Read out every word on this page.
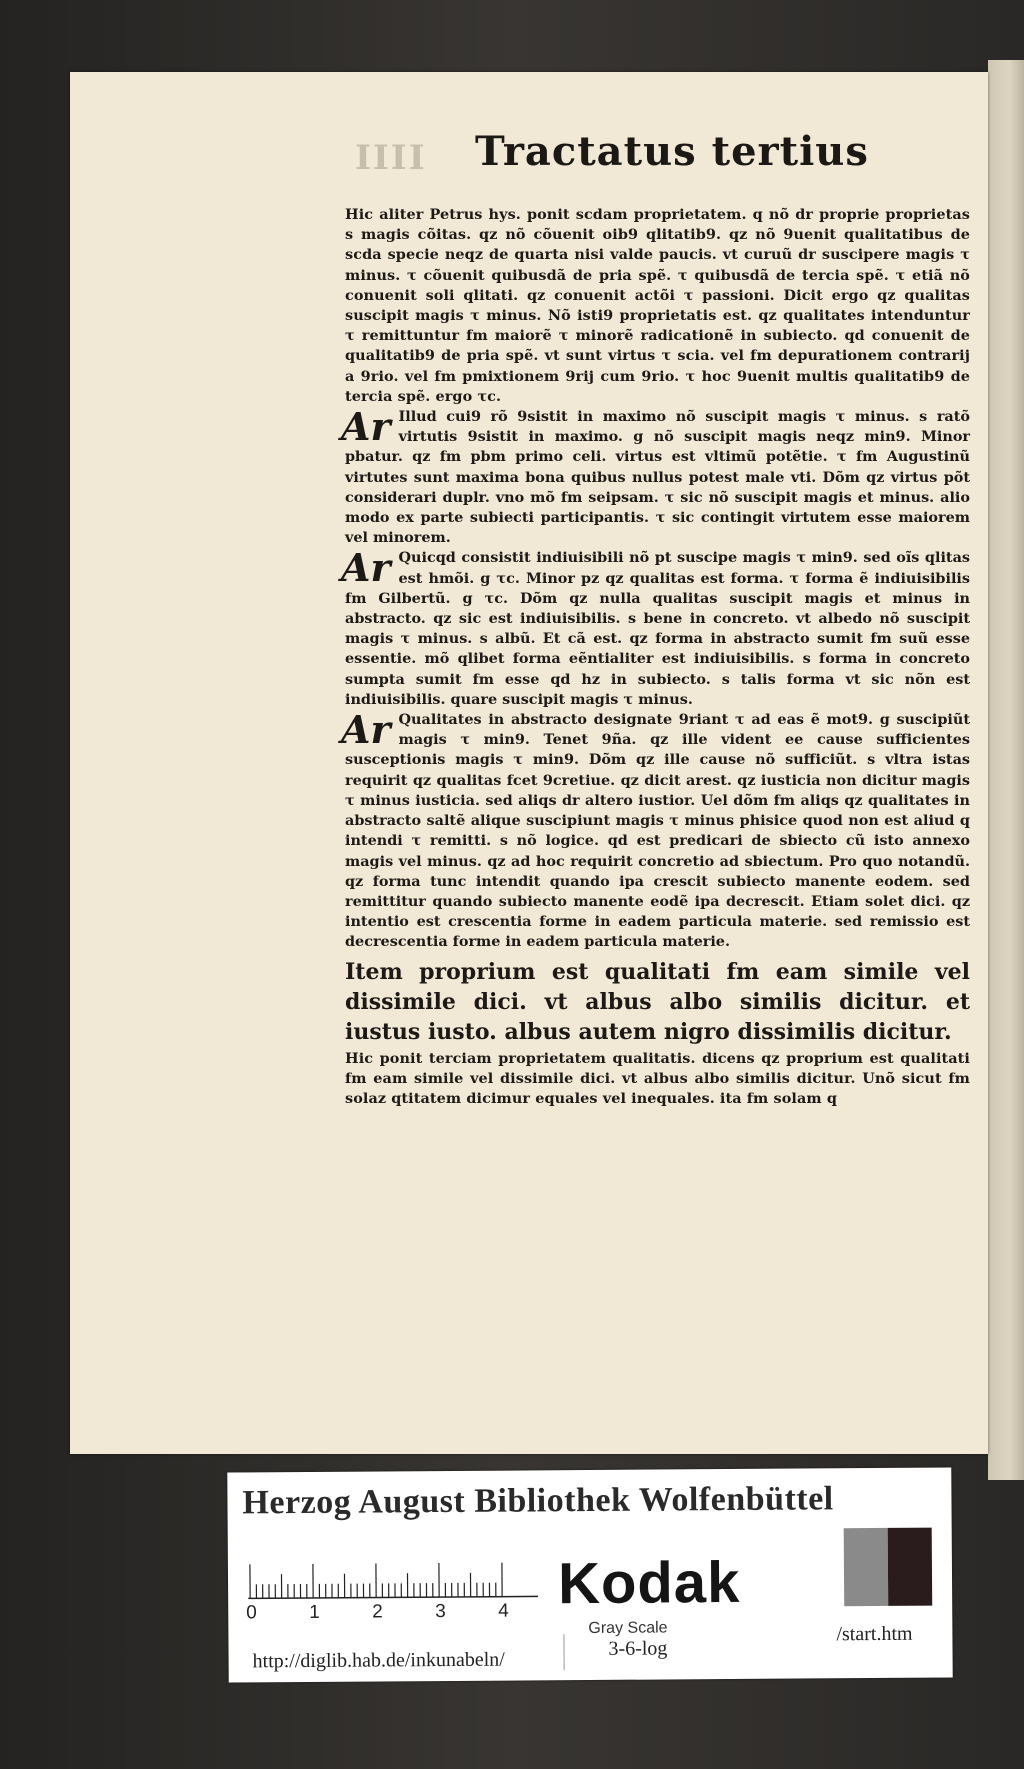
IIII Tractatus tertius

Hic aliter Petrus hys. ponit scdam proprietatem. q nõ dr proprie proprietas s magis cõitas. qz nõ cõuenit oib9 qlitatib9. qz nõ 9uenit qualitatibus de scda specie neqz de quarta nisi valde paucis. vt curuũ dr suscipere magis τ minus. τ cõuenit quibusdã de pria spẽ. τ quibusdã de tercia spẽ. τ etiã nõ conuenit soli qlitati. qz conuenit actõi τ passioni. Dicit ergo qz qualitas suscipit magis τ minus. Nõ isti9 proprietatis est. qz qualitates intenduntur τ remittuntur fm maiorẽ τ minorẽ radicationẽ in subiecto. qd conuenit de qualitatib9 de pria spẽ. vt sunt virtus τ scia. vel fm depurationem contrarij a 9rio. vel fm pmixtionem 9rij cum 9rio. τ hoc 9uenit multis qualitatib9 de tercia spẽ. ergo τc.

Ar Illud cui9 rõ 9sistit in maximo nõ suscipit magis τ minus. s ratõ virtutis 9sistit in maximo. g nõ suscipit magis neqz min9. Minor pbatur. qz fm pbm primo celi. virtus est vltimũ potẽtie. τ fm Augustinũ virtutes sunt maxima bona quibus nullus potest male vti. Dõm qz virtus põt considerari duplr. vno mõ fm seipsam. τ sic nõ suscipit magis et minus. alio modo ex parte subiecti participantis. τ sic contingit virtutem esse maiorem vel minorem.
Ar Quicqd consistit indiuisibili nõ pt suscipe magis τ min9. sed oĩs qlitas est hmõi. g τc. Minor pz qz qualitas est forma. τ forma ẽ indiuisibilis fm Gilbertũ. g τc. Dõm qz nulla qualitas suscipit magis et minus in abstracto. qz sic est indiuisibilis. s bene in concreto. vt albedo nõ suscipit magis τ minus. s albũ. Et cã est. qz forma in abstracto sumit fm suũ esse essentie. mõ qlibet forma eẽntialiter est indiuisibilis. s forma in concreto sumpta sumit fm esse qd hz in subiecto. s talis forma vt sic nõn est indiuisibilis. quare suscipit magis τ minus.
Ar Qualitates in abstracto designate 9riant τ ad eas ẽ mot9. g suscipiũt magis τ min9. Tenet 9ña. qz ille vident ee cause sufficientes susceptionis magis τ min9. Dõm qz ille cause nõ sufficiũt. s vltra istas requirit qz qualitas fcet 9cretiue. qz dicit arest. qz iusticia non dicitur magis τ minus iusticia. sed aliqs dr altero iustior. Uel dõm fm aliqs qz qualitates in abstracto saltẽ alique suscipiunt magis τ minus phisice quod non est aliud q intendi τ remitti. s nõ logice. qd est predicari de sbiecto cũ isto annexo magis vel minus. qz ad hoc requirit concretio ad sbiectum. Pro quo notandũ. qz forma tunc intendit quando ipa crescit subiecto manente eodem. sed remittitur quando subiecto manente eodẽ ipa decrescit. Etiam solet dici. qz intentio est crescentia forme in eadem particula materie. sed remissio est decrescentia forme in eadem particula materie.

Item proprium est qualitati fm eam simile vel dissimile dici. vt albus albo similis dicitur. et iustus iusto. albus autem nigro dissimilis dicitur.

Hic ponit terciam proprietatem qualitatis. dicens qz proprium est qualitati fm eam simile vel dissimile dici. vt albus albo similis dicitur. Unõ sicut fm solaz qtitatem dicimur equales vel inequales. ita fm solam q

Herzog August Bibliothek Wolfenbüttel
0	1	2	3	4 Kodak
Gray Scale
http://diglib.hab.de/inkunabeln/	3-6-log
/start.htm
